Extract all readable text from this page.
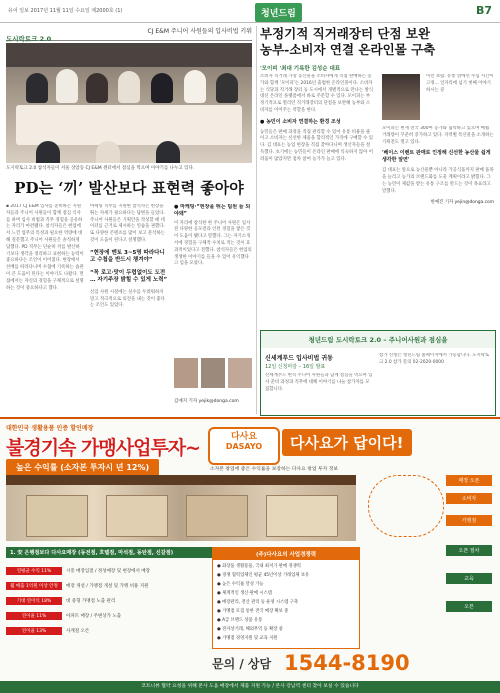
유어 일보 2017년 11월 11일 수요일 제2000호 (1)	청년드림	B7
도시락토크 2.0
CJ E&M 주니어 사원들의 입사비법 키워
도시락토크 2.0 참석자들이 서울 상암동 CJ E&M 센터에서 점심을 먹으며 이야기를 나누고 있다.
PD는 ‘끼’ 발산보다 표현력 좋아야
▪ 2017 CJ E&M 입사를 준비하는 지원자들과 주니어 사원들이 함께 점심 식사를 하며 입사 비법과 직무 경험을 공유하는 자리가 마련됐다. 참석자들은 현업에서 느낀 업무의 특성과 필요한 역량에 대해 질문했고 주니어 사원들은 솔직하게 답했다. PD 직무는 단순히 끼를 발산하기보다 생각을 정리하고 표현하는 능력이 중요하다는 조언이 이어졌다. 현장에서 선배를 따라다니며 수첩에 기록하는 습관이 큰 도움이 된다는 이야기도 나왔다. 면접에서는 자신의 경험을 구체적으로 설명하는 것이 중요하다고 했다.
마케팅 직무를 지원한 참석자는 현장을 뛰는 자세가 필요하다는 답변을 들었다. 주니어 사원들은 기획안을 작성할 때 데이터를 근거로 제시하는 연습을 권했다. 또 다양한 콘텐츠를 많이 보고 분석하는 것이 도움이 된다고 설명했다.
“현장에 멘토 3~5명 따라다니고 수첩을 반드시 챙겨야”
“꼭 로고·맛이 두렵없이도 도전 … 자기주장 밝힐 수 있게 노력”
신입 사원 시절에는 실수를 두려워하지 말고 적극적으로 의견을 내는 것이 좋다는 조언도 있었다.
● 마케팅·“현장을 뛰는 팀원 늘 되야돼”
이 자리에 참석한 한 주니어 사원은 입사 전 다양한 공모전과 인턴 경험을 쌓은 것이 도움이 됐다고 말했다. 그는 자기소개서에 경험을 구체적 수치로 적는 것이 효과적이었다고 전했다. 참석자들은 현업의 생생한 이야기를 들을 수 있어 유익했다고 입을 모았다.
김예지 기자 yejik@donga.com
부정기적 직거래장터 단점 보완
농부-소비자 연결 온라인몰 구축
'모이피 '최대 기록한 김성순 대표
소비자 직거래 가장 농산물을 소비자에게 직접 판매하는 농가와 함께 '모이피'는 2016년 출범한 온라인몰이다. 소비자는 식당과 직거래 장터 등 도시에서 개별적으로 만나는 방식 대신 온라인 플랫폼에서 바로 주문할 수 있다. 모이피는 부정기적으로 열리던 직거래장터의 단점을 보완해 농부와 소비자를 이어주는 역할을 한다.
● 농민이 소비자 연결하는 환경 조성
농민들은 판매 과정을 직접 관리할 수 있어 유통 비용을 줄이고 소비자는 신선한 제품을 합리적인 가격에 구매할 수 있다. 김 대표는 농업 현장을 직접 찾아다니며 생산자들을 설득했다. 초기에는 농민들이 온라인 판매에 익숙하지 않아 어려움이 많았지만 점차 참여 농가가 늘고 있다.
이런 보람. 유통 밖에선 수십 시간이 고정... 일자리에 넘기 첫째 이야기 하시는 분
모이피는 현재 전국 300여 농가와 협력하고 있으며 매월 거래량이 꾸준히 증가하고 있다. 지역별 특산물을 소개하는 기획전도 열고 있다.
'베이스 이벤트 판매로 인정해 신선한 농산물 쉽게 생각한 알면'
김 대표는 앞으로 농산물뿐 아니라 가공식품까지 판매 품목을 늘리고 농가의 브랜드화를 도울 계획이라고 밝혔다. 그는 농민이 제값을 받는 유통 구조를 만드는 것이 목표라고 말했다.
한예진 기자 yejin@donga.com
청년드림 도시락토크 2.0 – 주니어사원과 점심을
신세계푸드 입사비법 귀동
12일 신청마감 – 16일 발표
참가 신청은 청년드림 홈페이지에서 가능합니다. 도시락토크 2.0 참가 문의 02-2020-0000
신세계푸드 현직 주니어 사원들과 함께 점심을 먹으며 입사 준비 과정과 직무에 대해 이야기를 나눌 참가자를 모집합니다.
대한민국 생활용품 인증 할인매장
불경기속 가맹사업투자~
높은 수익률 (소자본 투자시 년 12%)
다사요
DASAYO	다사요가 답이다!
소자본 창업에 좋은 수익률을 보장하는 다사요 창업 투자 정보
매장 오픈
소비자
가맹점
오픈 절차
교육
오픈
1. 安 은행점보다 다사요매장 (동전점, 호텔점, 마석점, 동탄점, 신갈점)
연평균 수익 11%	시흥 매장입점 / 정성매장 및 현장에서 매장
월 매출 1억원 이상 안정	매장 개설 / 가맹점 개설 및 가맹 비용 지원
기대 연이익 18%	대 중형 가맹점 노출 관리
연이율 11%	아파트 매장 / 주변상가 노출
연이율 13%	사계절 오픈
(주)다사요의 사업경쟁력
● 화장품 생활용품, 국내 최저가 판매 경쟁력
● 경쟁 협력업체인 평균 45년이상 거래업체 보유
● 높은 수익률 달성 가능
● 체계적인 생산·판매 시스템
● 매장관리, 전산 관리 등 운영 시스템 구축
● 가맹점 모집 통한 전국 매장 확보 중
● A급 브랜드 상품 유통
● 전자상거래, 해외무역 등 확장 중
● 가맹점 경영지원 및 교육 지원
문의 / 상담 1544-8190
코트니뷰 협약 요청을 위해 본사 도움 매장에서 제품 지원 가능 / 본사 강남역 센터 찾아 보실 수 있습니다
